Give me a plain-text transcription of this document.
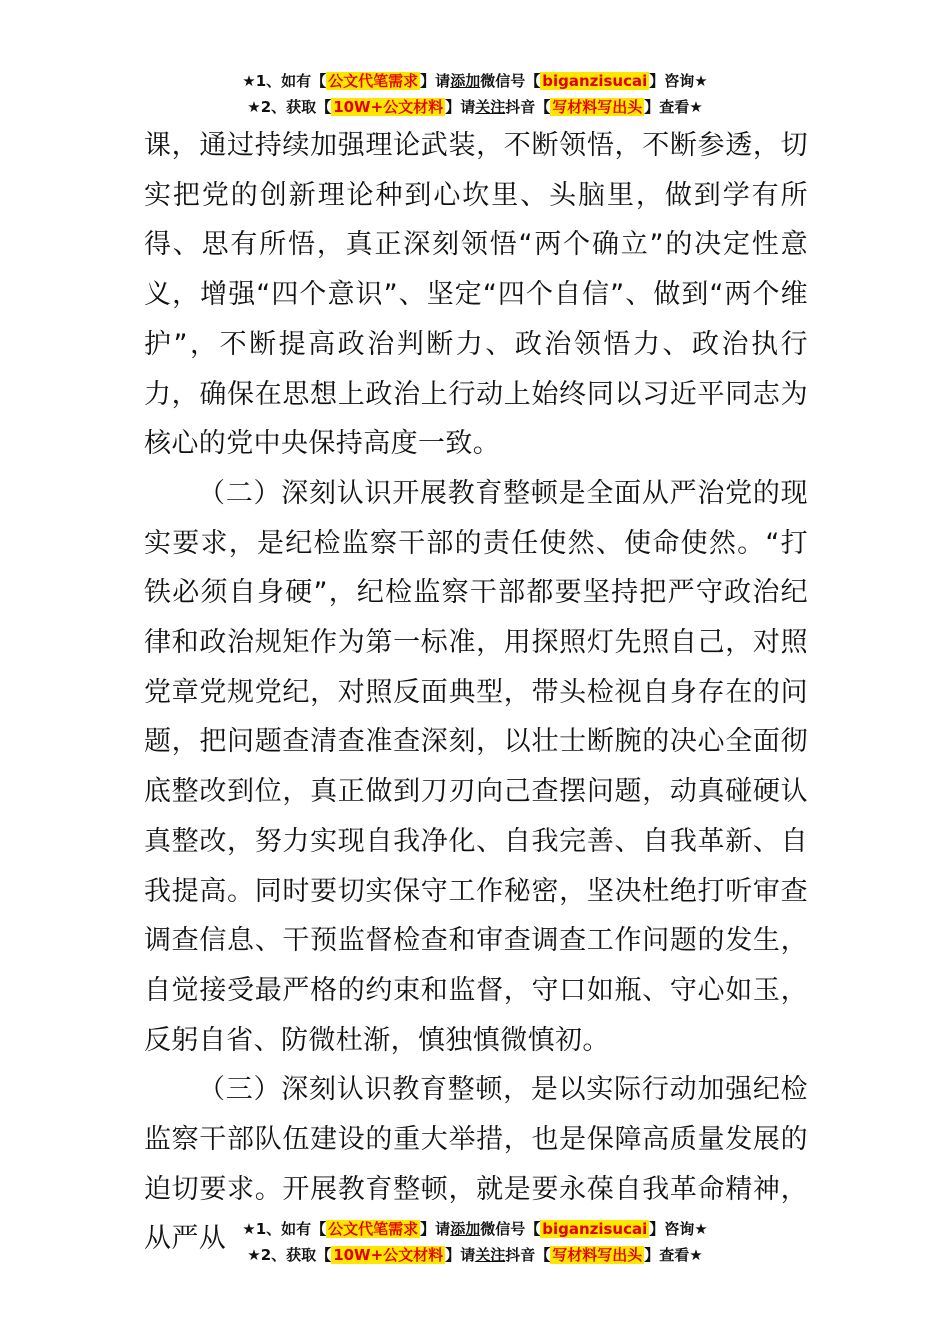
★1、如有【 公文代笔需求 】请添加微信号【 biganzisucai 】咨询★
★2、获取【 10W+公文材料 】请关注抖音【 写材料写出头 】查看★

课，通过持续加强理论武装，不断领悟，不断参透，切实把党的创新理论种到心坎里、头脑里，做到学有所得、思有所悟，真正深刻领悟“两个确立”的决定性意义，增强“四个意识”、坚定“四个自信”、做到“两个维护”，不断提高政治判断力、政治领悟力、政治执行力，确保在思想上政治上行动上始终同以习近平同志为核心的党中央保持高度一致。

（二）深刻认识开展教育整顿是全面从严治党的现实要求，是纪检监察干部的责任使然、使命使然。“打铁必须自身硬”，纪检监察干部都要坚持把严守政治纪律和政治规矩作为第一标准，用探照灯先照自己，对照党章党规党纪，对照反面典型，带头检视自身存在的问题，把问题查清查准查深刻，以壮士断腕的决心全面彻底整改到位，真正做到刀刃向己查摆问题，动真碰硬认真整改，努力实现自我净化、自我完善、自我革新、自我提高。同时要切实保守工作秘密，坚决杜绝打听审查调查信息、干预监督检查和审查调查工作问题的发生，自觉接受最严格的约束和监督，守口如瓶、守心如玉，反躬自省、防微杜渐，慎独慎微慎初。

（三）深刻认识教育整顿，是以实际行动加强纪检监察干部队伍建设的重大举措，也是保障高质量发展的迫切要求。开展教育整顿，就是要永葆自我革命精神，从严从	★1、如有【 公文代笔需求 】请添加微信号【 biganzisucai 】咨询★
★2、获取【 10W+公文材料 】请关注抖音【 写材料写出头 】查看★
